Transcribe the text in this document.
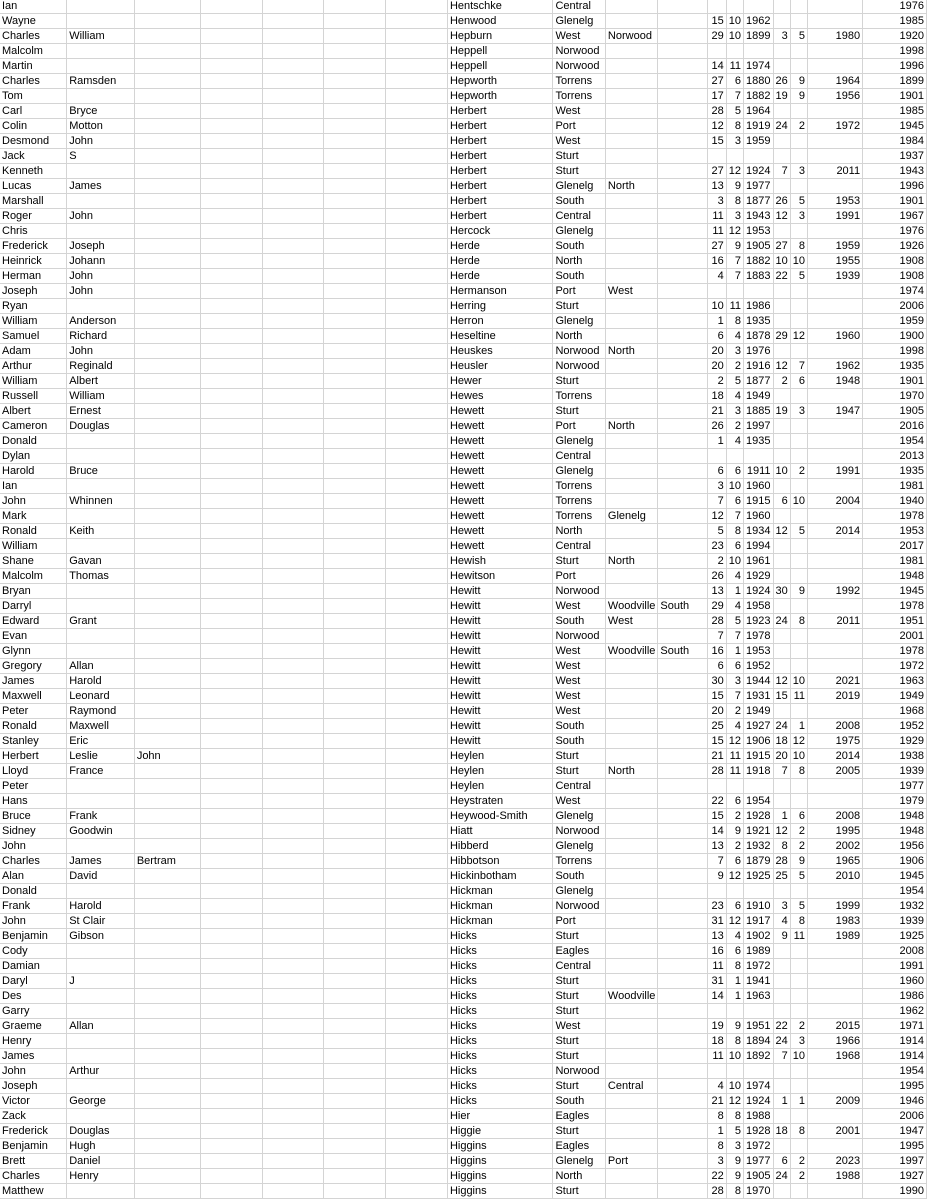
Ian							Hentschke	Central									1976
Wayne							Henwood	Glenelg			15	10	1962				1985
Charles	William						Hepburn	West	Norwood		29	10	1899	3	5	1980	1920
Malcolm							Heppell	Norwood									1998
Martin							Heppell	Norwood			14	11	1974				1996
Charles	Ramsden						Hepworth	Torrens			27	6	1880	26	9	1964	1899
Tom							Hepworth	Torrens			17	7	1882	19	9	1956	1901
Carl	Bryce						Herbert	West			28	5	1964				1985
Colin	Motton						Herbert	Port			12	8	1919	24	2	1972	1945
Desmond	John						Herbert	West			15	3	1959				1984
Jack	S						Herbert	Sturt									1937
Kenneth							Herbert	Sturt			27	12	1924	7	3	2011	1943
Lucas	James						Herbert	Glenelg	North		13	9	1977				1996
Marshall							Herbert	South			3	8	1877	26	5	1953	1901
Roger	John						Herbert	Central			11	3	1943	12	3	1991	1967
Chris							Hercock	Glenelg			11	12	1953				1976
Frederick	Joseph						Herde	South			27	9	1905	27	8	1959	1926
Heinrick	Johann						Herde	North			16	7	1882	10	10	1955	1908
Herman	John						Herde	South			4	7	1883	22	5	1939	1908
Joseph	John						Hermanson	Port	West								1974
Ryan							Herring	Sturt			10	11	1986				2006
William	Anderson						Herron	Glenelg			1	8	1935				1959
Samuel	Richard						Heseltine	North			6	4	1878	29	12	1960	1900
Adam	John						Heuskes	Norwood	North		20	3	1976				1998
Arthur	Reginald						Heusler	Norwood			20	2	1916	12	7	1962	1935
William	Albert						Hewer	Sturt			2	5	1877	2	6	1948	1901
Russell	William						Hewes	Torrens			18	4	1949				1970
Albert	Ernest						Hewett	Sturt			21	3	1885	19	3	1947	1905
Cameron	Douglas						Hewett	Port	North		26	2	1997				2016
Donald							Hewett	Glenelg			1	4	1935				1954
Dylan							Hewett	Central									2013
Harold	Bruce						Hewett	Glenelg			6	6	1911	10	2	1991	1935
Ian							Hewett	Torrens			3	10	1960				1981
John	Whinnen						Hewett	Torrens			7	6	1915	6	10	2004	1940
Mark							Hewett	Torrens	Glenelg		12	7	1960				1978
Ronald	Keith						Hewett	North			5	8	1934	12	5	2014	1953
William							Hewett	Central			23	6	1994				2017
Shane	Gavan						Hewish	Sturt	North		2	10	1961				1981
Malcolm	Thomas						Hewitson	Port			26	4	1929				1948
Bryan							Hewitt	Norwood			13	1	1924	30	9	1992	1945
Darryl							Hewitt	West	Woodville	South	29	4	1958				1978
Edward	Grant						Hewitt	South	West		28	5	1923	24	8	2011	1951
Evan							Hewitt	Norwood			7	7	1978				2001
Glynn							Hewitt	West	Woodville	South	16	1	1953				1978
Gregory	Allan						Hewitt	West			6	6	1952				1972
James	Harold						Hewitt	West			30	3	1944	12	10	2021	1963
Maxwell	Leonard						Hewitt	West			15	7	1931	15	11	2019	1949
Peter	Raymond						Hewitt	West			20	2	1949				1968
Ronald	Maxwell						Hewitt	South			25	4	1927	24	1	2008	1952
Stanley	Eric						Hewitt	South			15	12	1906	18	12	1975	1929
Herbert	Leslie	John					Heylen	Sturt			21	11	1915	20	10	2014	1938
Lloyd	France						Heylen	Sturt	North		28	11	1918	7	8	2005	1939
Peter							Heylen	Central									1977
Hans							Heystraten	West			22	6	1954				1979
Bruce	Frank						Heywood-Smith	Glenelg			15	2	1928	1	6	2008	1948
Sidney	Goodwin						Hiatt	Norwood			14	9	1921	12	2	1995	1948
John							Hibberd	Glenelg			13	2	1932	8	2	2002	1956
Charles	James	Bertram					Hibbotson	Torrens			7	6	1879	28	9	1965	1906
Alan	David						Hickinbotham	South			9	12	1925	25	5	2010	1945
Donald							Hickman	Glenelg									1954
Frank	Harold						Hickman	Norwood			23	6	1910	3	5	1999	1932
John	St Clair						Hickman	Port			31	12	1917	4	8	1983	1939
Benjamin	Gibson						Hicks	Sturt			13	4	1902	9	11	1989	1925
Cody							Hicks	Eagles			16	6	1989				2008
Damian							Hicks	Central			11	8	1972				1991
Daryl	J						Hicks	Sturt			31	1	1941				1960
Des							Hicks	Sturt	Woodville		14	1	1963				1986
Garry							Hicks	Sturt									1962
Graeme	Allan						Hicks	West			19	9	1951	22	2	2015	1971
Henry							Hicks	Sturt			18	8	1894	24	3	1966	1914
James							Hicks	Sturt			11	10	1892	7	10	1968	1914
John	Arthur						Hicks	Norwood									1954
Joseph							Hicks	Sturt	Central		4	10	1974				1995
Victor	George						Hicks	South			21	12	1924	1	1	2009	1946
Zack							Hier	Eagles			8	8	1988				2006
Frederick	Douglas						Higgie	Sturt			1	5	1928	18	8	2001	1947
Benjamin	Hugh						Higgins	Eagles			8	3	1972				1995
Brett	Daniel						Higgins	Glenelg	Port		3	9	1977	6	2	2023	1997
Charles	Henry						Higgins	North			22	9	1905	24	2	1988	1927
Matthew							Higgins	Sturt			28	8	1970				1990
